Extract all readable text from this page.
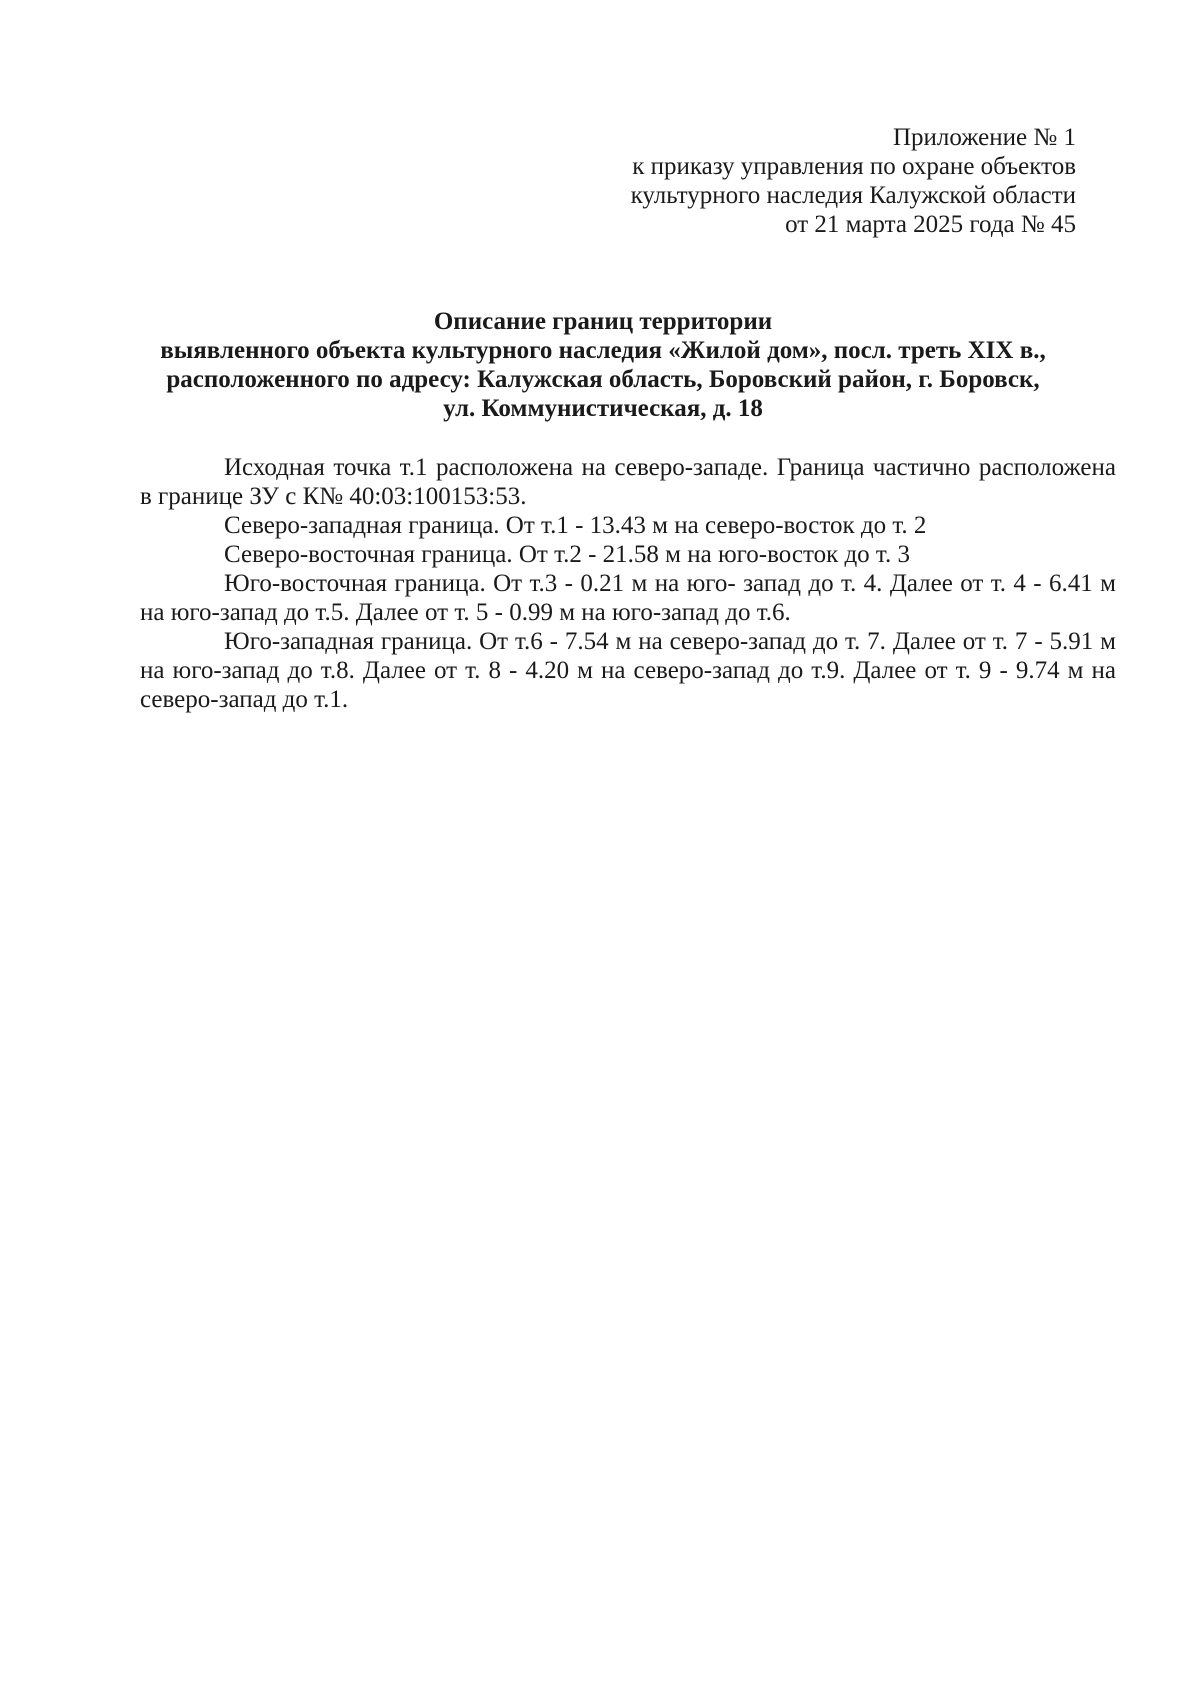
Приложение № 1
к приказу управления по охране объектов
культурного наследия Калужской области
от 21 марта 2025 года № 45
Описание границ территории
выявленного объекта культурного наследия «Жилой дом», посл. треть XIX в.,
расположенного по адресу: Калужская область, Боровский район, г. Боровск,
ул. Коммунистическая, д. 18

Исходная точка т.1 расположена на северо-западе. Граница частично расположена в границе ЗУ с К№ 40:03:100153:53.

Северо-западная граница. От т.1 - 13.43 м на северо-восток до т. 2

Северо-восточная граница. От т.2 - 21.58 м на юго-восток до т. 3

Юго-восточная граница. От т.3 - 0.21 м на юго- запад до т. 4. Далее от т. 4 - 6.41 м на юго-запад до т.5. Далее от т. 5 - 0.99 м на юго-запад до т.6.

Юго-западная граница. От т.6 - 7.54 м на северо-запад до т. 7. Далее от т. 7 - 5.91 м на юго-запад до т.8. Далее от т. 8 - 4.20 м на северо-запад до т.9. Далее от т. 9 - 9.74 м на северо-запад до т.1.
